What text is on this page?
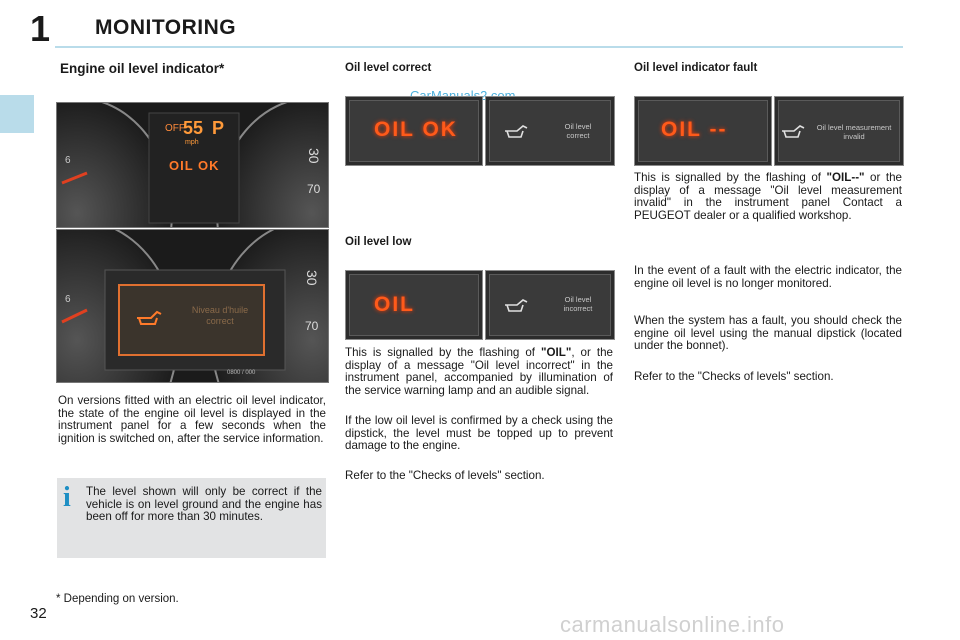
1 MONITORING
Engine oil level indicator*
6	30
70
OFF
55 P
mph
OIL OK
30
70
6
Niveau d'huile correct
0800 / 000
On versions fitted with an electric oil level indicator, the state of the engine oil level is displayed in the instrument panel for a few seconds when the ignition is switched on, after the service information.
i The level shown will only be correct if the vehicle is on level ground and the engine has been off for more than 30 minutes.
* Depending on version.
32
Oil level correct
OIL OK	Oil level correct
Oil level low
OIL	Oil level incorrect
This is signalled by the flashing of "OIL", or the display of a message "Oil level incorrect" in the instrument panel, accompanied by illumination of the service warning lamp and an audible signal.
If the low oil level is confirmed by a check using the dipstick, the level must be topped up to prevent damage to the engine.
Refer to the "Checks of levels" section.
Oil level indicator fault
OIL --	Oil level measurement invalid
This is signalled by the flashing of "OIL--" or the display of a message "Oil level measurement invalid" in the instrument panel Contact a PEUGEOT dealer or a qualified workshop.
In the event of a fault with the electric indicator, the engine oil level is no longer monitored.
When the system has a fault, you should check the engine oil level using the manual dipstick (located under the bonnet).
Refer to the "Checks of levels" section.
carmanualsonline.info
